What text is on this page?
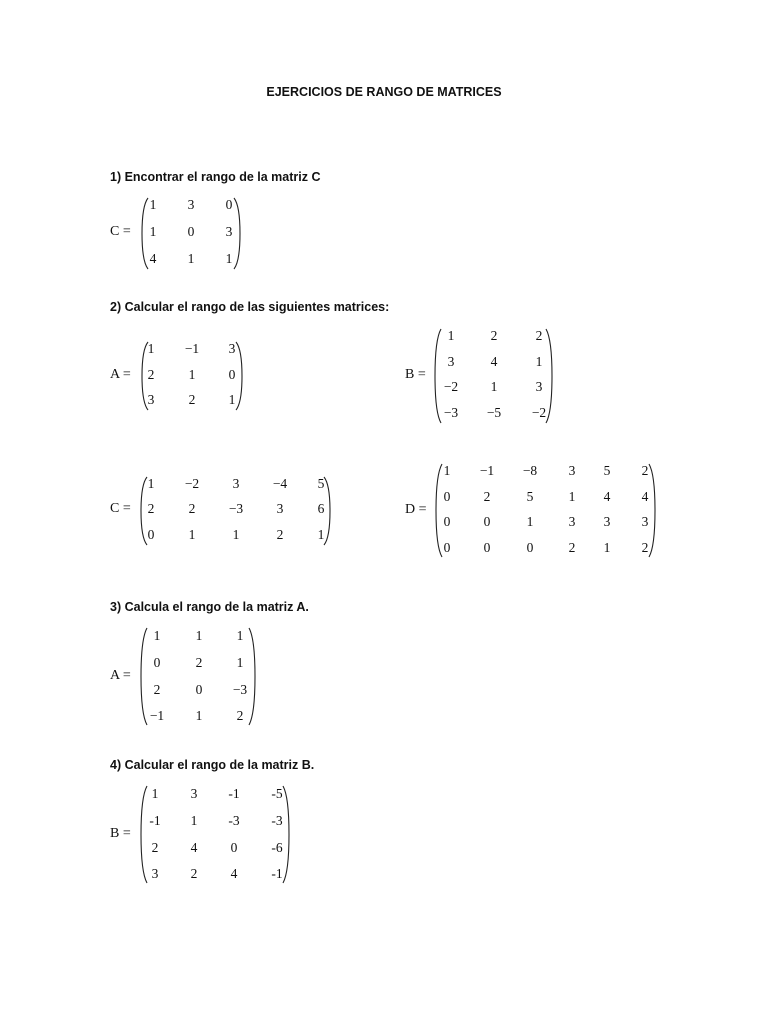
EJERCICIOS DE RANGO DE MATRICES
1) Encontrar el rango de la matriz C
2) Calcular el rango de las siguientes matrices:
3) Calcula el rango de la matriz A.
4) Calcular el rango de la matriz B.
C =
1 3 0
1 0 3
4 1 1
A =
1 −1 3
2	1 0
3	2 1
B =
1	2	2
3	4	1
−2 1	3
−3 −5 −2
C =
1 −2 3 −4 5
2	2 −3 3	6
0	1	1	2	1
D =
1 −1 −8 3 5 2
0 2	5	1 4 4
0 0	1	3 3 3
0 0	0	2 1 2
A =
1	1	1
0	2	1
2	0 −3
−1 1	2
B =
1 3 -1 -5
-1 1 -3 -3
2 4 0	-6
3 2 4	-1
